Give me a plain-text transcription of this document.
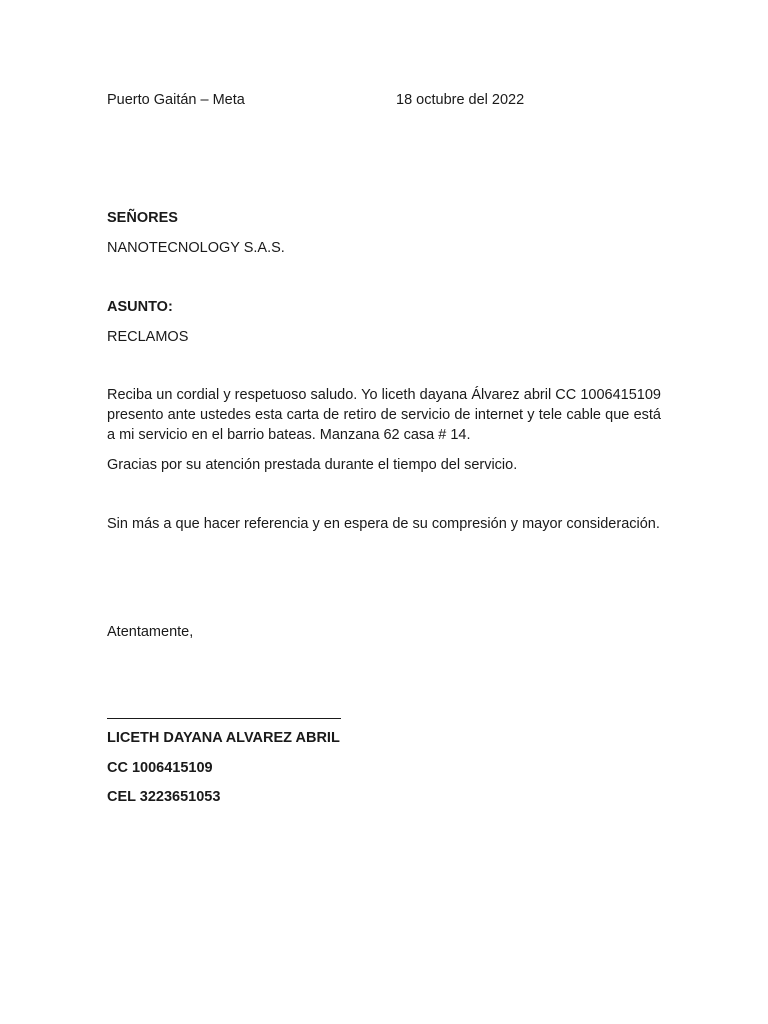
Puerto Gaitán – Meta	18 octubre del 2022

SEÑORES

NANOTECNOLOGY S.A.S.

ASUNTO:

RECLAMOS

Reciba un cordial y respetuoso saludo. Yo liceth dayana Álvarez abril CC 1006415109 presento ante ustedes esta carta de retiro de servicio de internet y tele cable que está a mi servicio en el barrio bateas. Manzana 62 casa # 14.

Gracias por su atención prestada durante el tiempo del servicio.

Sin más a que hacer referencia y en espera de su compresión y mayor consideración.

Atentamente,

LICETH DAYANA ALVAREZ ABRIL

CC 1006415109

CEL 3223651053
